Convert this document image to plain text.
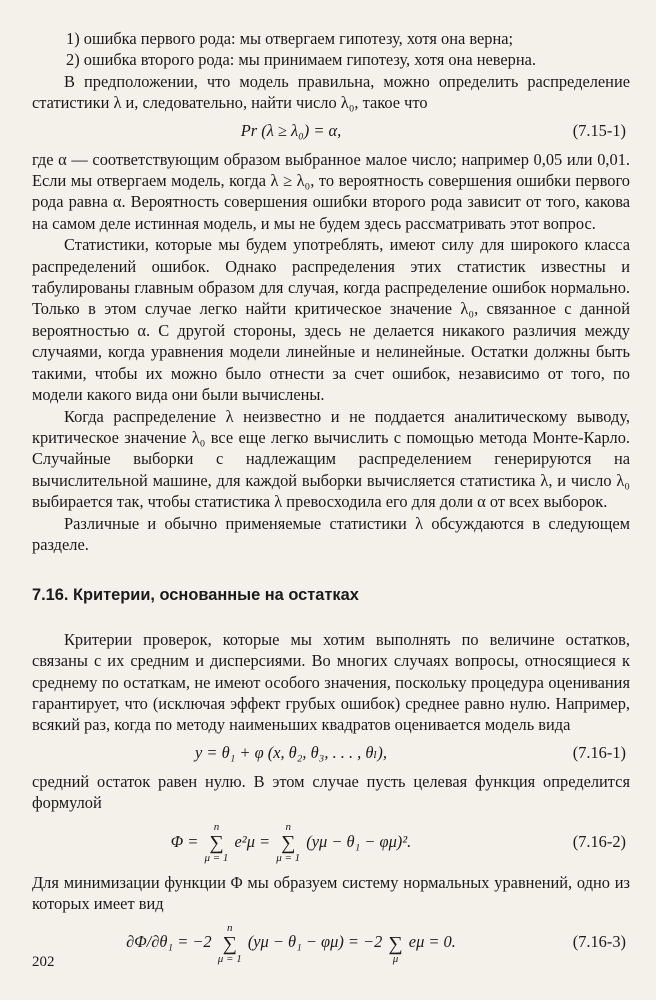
1) ошибка первого рода: мы отвергаем гипотезу, хотя она верна;

2) ошибка второго рода: мы принимаем гипотезу, хотя она неверна.

В предположении, что модель правильна, можно определить распределение статистики λ и, следовательно, найти число λ₀, такое что

Pr (λ ≥ λ₀) = α,	(7.15-1)

где α — соответствующим образом выбранное малое число; например 0,05 или 0,01. Если мы отвергаем модель, когда λ ≥ λ₀, то вероятность совершения ошибки первого рода равна α. Вероятность совершения ошибки второго рода зависит от того, какова на самом деле истинная модель, и мы не будем здесь рассматривать этот вопрос.

Статистики, которые мы будем употреблять, имеют силу для широкого класса распределений ошибок. Однако распределения этих статистик известны и табулированы главным образом для случая, когда распределение ошибок нормально. Только в этом случае легко найти критическое значение λ₀, связанное с данной вероятностью α. С другой стороны, здесь не делается никакого различия между случаями, когда уравнения модели линейные и нелинейные. Остатки должны быть такими, чтобы их можно было отнести за счет ошибок, независимо от того, по модели какого вида они были вычислены.

Когда распределение λ неизвестно и не поддается аналитическому выводу, критическое значение λ₀ все еще легко вычислить с помощью метода Монте-Карло. Случайные выборки с надлежащим распределением генерируются на вычислительной машине, для каждой выборки вычисляется статистика λ, и число λ₀ выбирается так, чтобы статистика λ превосходила его для доли α от всех выборок.

Различные и обычно применяемые статистики λ обсуждаются в следующем разделе.

7.16. Критерии, основанные на остатках

Критерии проверок, которые мы хотим выполнять по величине остатков, связаны с их средним и дисперсиями. Во многих случаях вопросы, относящиеся к среднему по остаткам, не имеют особого значения, поскольку процедура оценивания гарантирует, что (исключая эффект грубых ошибок) среднее равно нулю. Например, всякий раз, когда по методу наименьших квадратов оценивается модель вида

y = θ₁ + φ (x, θ₂, θ₃, . . . , θₗ),	(7.16-1)

средний остаток равен нулю. В этом случае пусть целевая функция определится формулой

Φ =
n
∑
μ = 1
e²μ =
n
∑
μ = 1
(yμ − θ₁ − φμ)².	(7.16-2)

Для минимизации функции Φ мы образуем систему нормальных уравнений, одно из которых имеет вид

∂Φ/∂θ₁ = −2
n
∑
μ = 1
(yμ − θ₁ − φμ) = −2
∑
μ
eμ = 0.	(7.16-3)
202
